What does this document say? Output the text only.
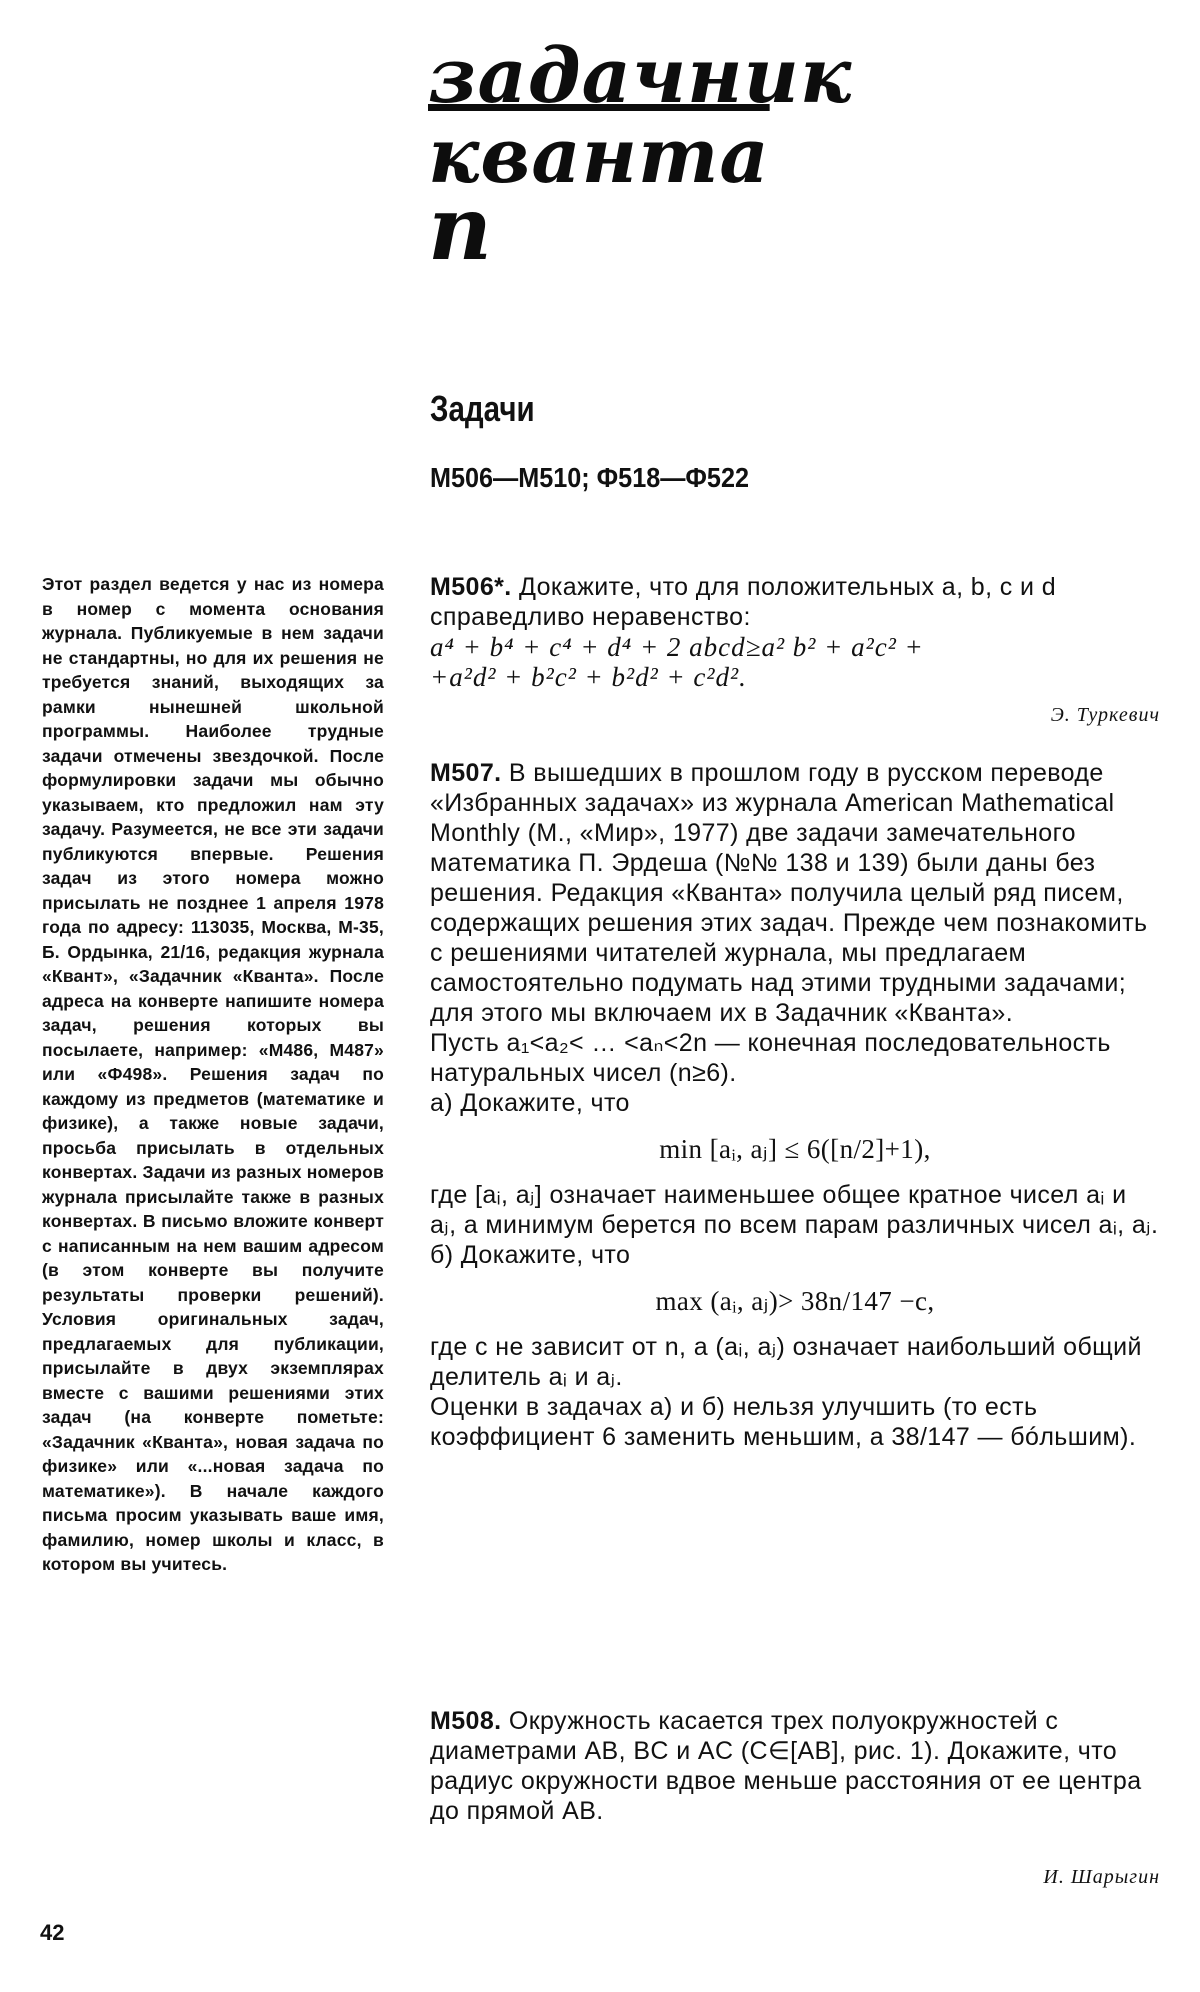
задачник
кванта
п
Задачи
М506—М510; Ф518—Ф522
Этот раздел ведется у нас из номера в номер с момента основания журнала. Публикуемые в нем задачи не стандартны, но для их решения не требуется знаний, выходящих за рамки нынешней школьной программы. Наиболее трудные задачи отмечены звездочкой. После формулировки задачи мы обычно указываем, кто предложил нам эту задачу. Разумеется, не все эти задачи публикуются впервые. Решения задач из этого номера можно присылать не позднее 1 апреля 1978 года по адресу: 113035, Москва, М-35, Б. Ордынка, 21/16, редакция журнала «Квант», «Задачник «Кванта». После адреса на конверте напишите номера задач, решения которых вы посылаете, например: «М486, М487» или «Ф498». Решения задач по каждому из предметов (математике и физике), а также новые задачи, просьба присылать в отдельных конвертах. Задачи из разных номеров журнала присылайте также в разных конвертах. В письмо вложите конверт с написанным на нем вашим адресом (в этом конверте вы получите результаты проверки решений). Условия оригинальных задач, предлагаемых для публикации, присылайте в двух экземплярах вместе с вашими решениями этих задач (на конверте пометьте: «Задачник «Кванта», новая задача по физике» или «...новая задача по математике»). В начале каждого письма просим указывать ваше имя, фамилию, номер школы и класс, в котором вы учитесь.

М506*. Докажите, что для положительных a, b, c и d справедливо неравенство:

a⁴ + b⁴ + c⁴ + d⁴ + 2 abcd≥a² b² + a²c² +

+a²d² + b²c² + b²d² + c²d².

Э. Туркевич

М507. В вышедших в прошлом году в русском переводе «Избранных задачах» из журнала American Mathematical Monthly (М., «Мир», 1977) две задачи замечательного математика П. Эрдеша (№№ 138 и 139) были даны без решения. Редакция «Кванта» получила целый ряд писем, содержащих решения этих задач. Прежде чем познакомить с решениями читателей журнала, мы предлагаем самостоятельно подумать над этими трудными задачами; для этого мы включаем их в Задачник «Кванта».

Пусть a₁<a₂< … <aₙ<2n — конечная последовательность натуральных чисел (n≥6).

а) Докажите, что

min [aᵢ, aⱼ] ≤ 6([n/2]+1),

где [aᵢ, aⱼ] означает наименьшее общее кратное чисел aᵢ и aⱼ, а минимум берется по всем парам различных чисел aᵢ, aⱼ.

б) Докажите, что

max (aᵢ, aⱼ)> 38n/147 −c,

где c не зависит от n, а (aᵢ, aⱼ) означает наибольший общий делитель aᵢ и aⱼ.

Оценки в задачах а) и б) нельзя улучшить (то есть коэффициент 6 заменить меньшим, а 38/147 — бóльшим).

М508. Окружность касается трех полуокружностей с диаметрами AB, BC и AC (C∈[AB], рис. 1). Докажите, что радиус окружности вдвое меньше расстояния от ее центра до прямой AB.

И. Шарыгин
42
